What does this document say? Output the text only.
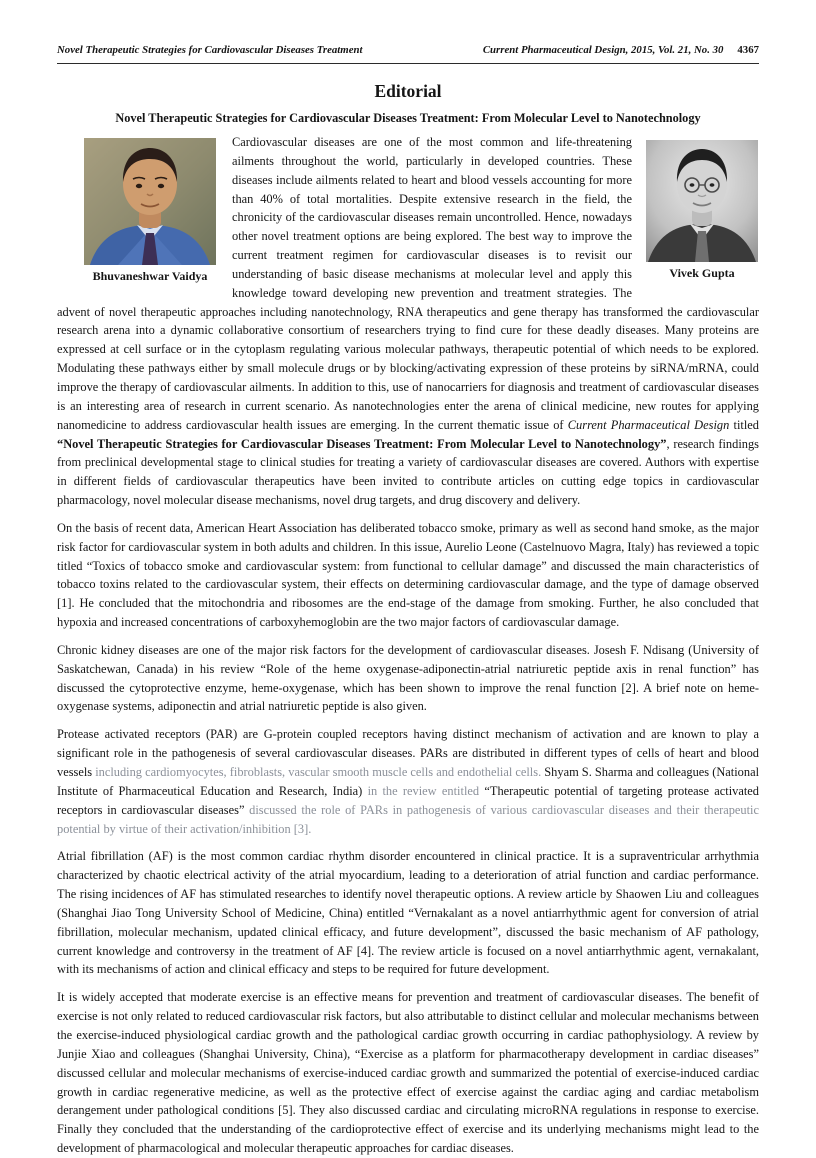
Novel Therapeutic Strategies for Cardiovascular Diseases Treatment	Current Pharmaceutical Design, 2015, Vol. 21, No. 30 4367
Editorial
Novel Therapeutic Strategies for Cardiovascular Diseases Treatment: From Molecular Level to Nanotechnology
Bhuvaneshwar Vaidya	Vivek Gupta

Cardiovascular diseases are one of the most common and life-threatening ailments throughout the world, particularly in developed countries. These diseases include ailments related to heart and blood vessels accounting for more than 40% of total mortalities. Despite extensive research in the field, the chronicity of the cardiovascular diseases remain uncontrolled. Hence, nowadays other novel treatment options are being explored. The best way to improve the current treatment regimen for cardiovascular diseases is to revisit our understanding of basic disease mechanisms at molecular level and apply this knowledge toward developing new prevention and treatment strategies. The advent of novel therapeutic approaches including nanotechnology, RNA therapeutics and gene therapy has transformed the cardiovascular research arena into a dynamic collaborative consortium of researchers trying to find cure for these deadly diseases. Many proteins are expressed at cell surface or in the cytoplasm regulating various molecular pathways, therapeutic potential of which needs to be explored. Modulating these pathways either by small molecule drugs or by blocking/activating expression of these proteins by siRNA/mRNA, could improve the therapy of cardiovascular ailments. In addition to this, use of nanocarriers for diagnosis and treatment of cardiovascular diseases is an interesting area of research in current scenario. As nanotechnologies enter the arena of clinical medicine, new routes for applying nanomedicine to address cardiovascular health issues are emerging. In the current thematic issue of Current Pharmaceutical Design titled “Novel Therapeutic Strategies for Cardiovascular Diseases Treatment: From Molecular Level to Nanotechnology”, research findings from preclinical developmental stage to clinical studies for treating a variety of cardiovascular diseases are covered. Authors with expertise in different fields of cardiovascular therapeutics have been invited to contribute articles on cutting edge topics in cardiovascular pharmacology, novel molecular disease mechanisms, novel drug targets, and drug discovery and delivery.

On the basis of recent data, American Heart Association has deliberated tobacco smoke, primary as well as second hand smoke, as the major risk factor for cardiovascular system in both adults and children. In this issue, Aurelio Leone (Castelnuovo Magra, Italy) has reviewed a topic titled “Toxics of tobacco smoke and cardiovascular system: from functional to cellular damage” and discussed the main characteristics of tobacco toxins related to the cardiovascular system, their effects on determining cardiovascular damage, and the type of damage observed [1]. He concluded that the mitochondria and ribosomes are the end-stage of the damage from smoking. Further, he also concluded that hypoxia and increased concentrations of carboxyhemoglobin are the two major factors of cardiovascular damage.

Chronic kidney diseases are one of the major risk factors for the development of cardiovascular diseases. Josesh F. Ndisang (University of Saskatchewan, Canada) in his review “Role of the heme oxygenase-adiponectin-atrial natriuretic peptide axis in renal function” has discussed the cytoprotective enzyme, heme-oxygenase, which has been shown to improve the renal function [2]. A brief note on heme-oxygenase systems, adiponectin and atrial natriuretic peptide is also given.

Protease activated receptors (PAR) are G-protein coupled receptors having distinct mechanism of activation and are known to play a significant role in the pathogenesis of several cardiovascular diseases. PARs are distributed in different types of cells of heart and blood vessels including cardiomyocytes, fibroblasts, vascular smooth muscle cells and endothelial cells. Shyam S. Sharma and colleagues (National Institute of Pharmaceutical Education and Research, India) in the review entitled “Therapeutic potential of targeting protease activated receptors in cardiovascular diseases” discussed the role of PARs in pathogenesis of various cardiovascular diseases and their therapeutic potential by virtue of their activation/inhibition [3].

Atrial fibrillation (AF) is the most common cardiac rhythm disorder encountered in clinical practice. It is a supraventricular arrhythmia characterized by chaotic electrical activity of the atrial myocardium, leading to a deterioration of atrial function and cardiac performance. The rising incidences of AF has stimulated researches to identify novel therapeutic options. A review article by Shaowen Liu and colleagues (Shanghai Jiao Tong University School of Medicine, China) entitled “Vernakalant as a novel antiarrhythmic agent for conversion of atrial fibrillation, molecular mechanism, updated clinical efficacy, and future development”, discussed the basic mechanism of AF pathology, current knowledge and controversy in the treatment of AF [4]. The review article is focused on a novel antiarrhythmic agent, vernakalant, with its mechanisms of action and clinical efficacy and steps to be required for future development.

It is widely accepted that moderate exercise is an effective means for prevention and treatment of cardiovascular diseases. The benefit of exercise is not only related to reduced cardiovascular risk factors, but also attributable to distinct cellular and molecular mechanisms between the exercise-induced physiological cardiac growth and the pathological cardiac growth occurring in cardiac pathophysiology. A review by Junjie Xiao and colleagues (Shanghai University, China), “Exercise as a platform for pharmacotherapy development in cardiac diseases” discussed cellular and molecular mechanisms of exercise-induced cardiac growth and summarized the potential of exercise-induced cardiac growth in cardiac regenerative medicine, as well as the protective effect of exercise against the cardiac aging and cardiac metabolism derangement under pathological conditions [5]. They also discussed cardiac and circulating microRNA regulations in response to exercise. Finally they concluded that the understanding of the cardioprotective effect of exercise and its underlying mechanisms might lead to the development of pharmacological and molecular therapeutic approaches for cardiac diseases.
